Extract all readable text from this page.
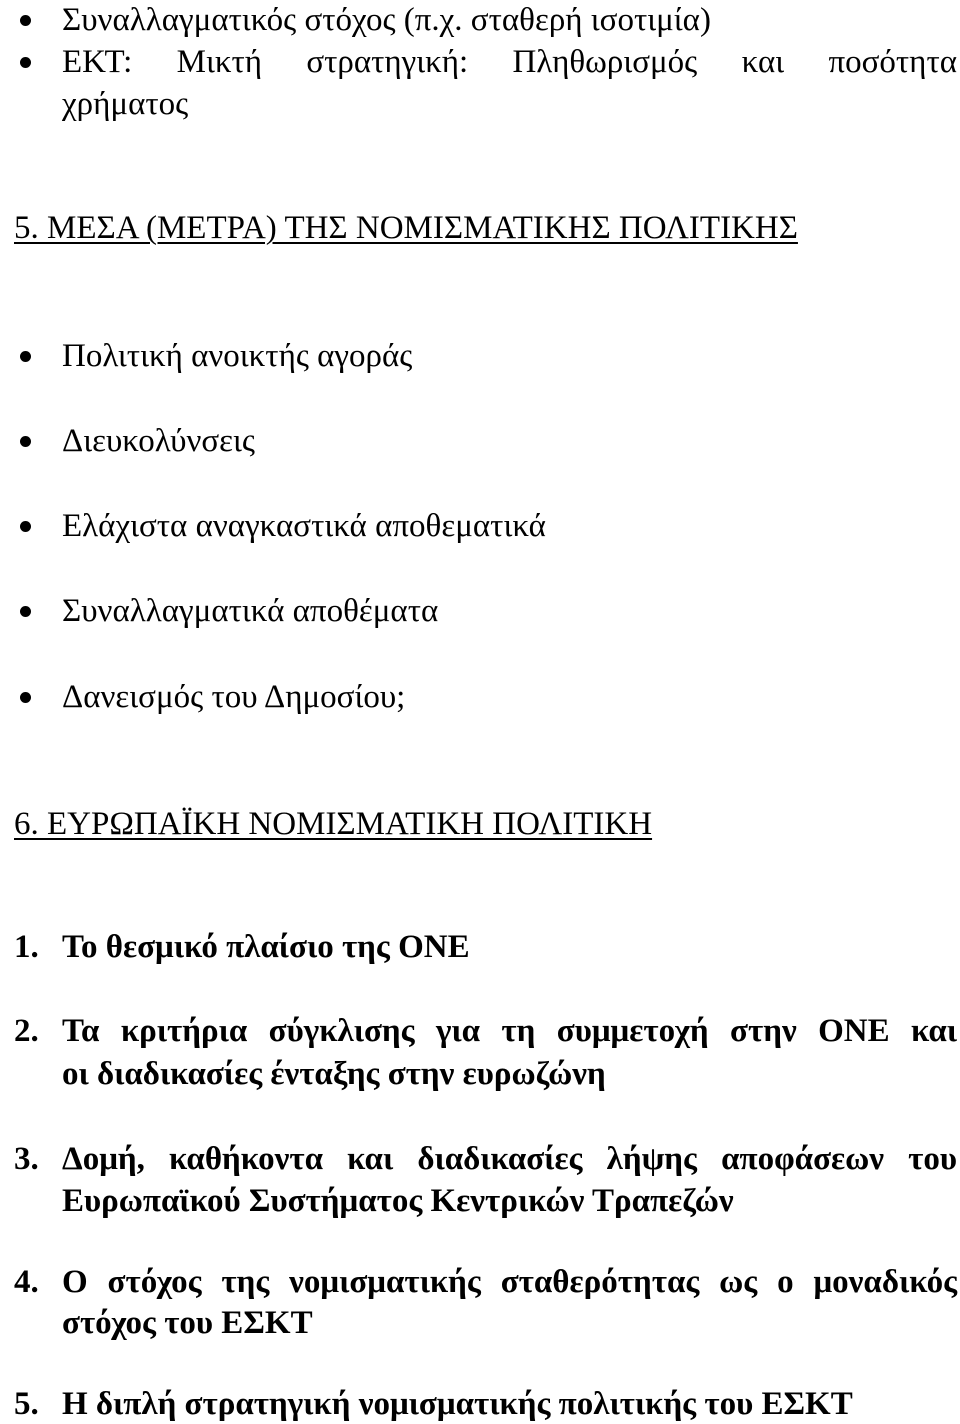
Συναλλαγματικός στόχος (π.χ. σταθερή ισοτιμία)
ΕΚΤ: Μικτή στρατηγική: Πληθωρισμός και ποσότητα
χρήματος
5. ΜΕΣΑ (ΜΕΤΡΑ) ΤΗΣ ΝΟΜΙΣΜΑΤΙΚΗΣ ΠΟΛΙΤΙΚΗΣ
Πολιτική ανοικτής αγοράς
Διευκολύνσεις
Ελάχιστα αναγκαστικά αποθεματικά
Συναλλαγματικά αποθέματα
Δανεισμός του Δημοσίου;
6. ΕΥΡΩΠΑΪΚΗ ΝΟΜΙΣΜΑΤΙΚΗ ΠΟΛΙΤΙΚΗ
1. Το θεσμικό πλαίσιο της ΟΝΕ
2. Τα κριτήρια σύγκλισης για τη συμμετοχή στην ΟΝΕ και
οι διαδικασίες ένταξης στην ευρωζώνη
3. Δομή, καθήκοντα και διαδικασίες λήψης αποφάσεων του
Ευρωπαϊκού Συστήματος Κεντρικών Τραπεζών
4. Ο στόχος της νομισματικής σταθερότητας ως ο μοναδικός
στόχος του ΕΣΚΤ
5. Η διπλή στρατηγική νομισματικής πολιτικής του ΕΣΚΤ
